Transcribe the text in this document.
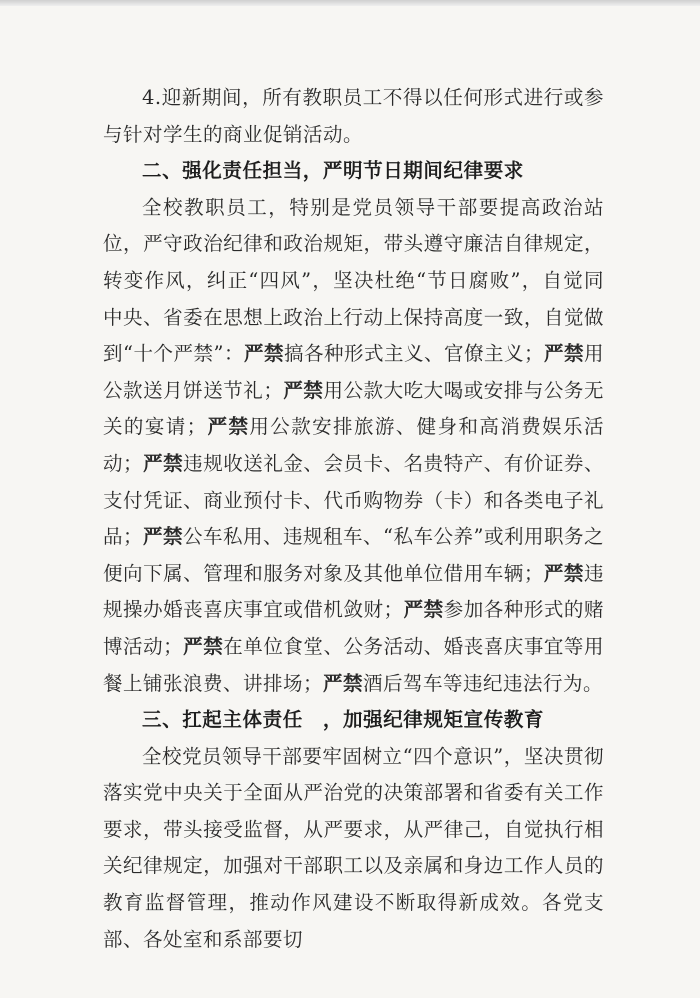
4.迎新期间，所有教职员工不得以任何形式进行或参与针对学生的商业促销活动。

二、强化责任担当，严明节日期间纪律要求

全校教职员工，特别是党员领导干部要提高政治站位，严守政治纪律和政治规矩，带头遵守廉洁自律规定，转变作风，纠正“四风”，坚决杜绝“节日腐败”，自觉同中央、省委在思想上政治上行动上保持高度一致，自觉做到“十个严禁”：严禁搞各种形式主义、官僚主义；严禁用公款送月饼送节礼；严禁用公款大吃大喝或安排与公务无关的宴请；严禁用公款安排旅游、健身和高消费娱乐活动；严禁违规收送礼金、会员卡、名贵特产、有价证券、支付凭证、商业预付卡、代币购物券（卡）和各类电子礼品；严禁公车私用、违规租车、“私车公养”或利用职务之便向下属、管理和服务对象及其他单位借用车辆；严禁违规操办婚丧喜庆事宜或借机敛财；严禁参加各种形式的赌博活动；严禁在单位食堂、公务活动、婚丧喜庆事宜等用餐上铺张浪费、讲排场；严禁酒后驾车等违纪违法行为。

三、扛起主体责任　，加强纪律规矩宣传教育

全校党员领导干部要牢固树立“四个意识”，坚决贯彻落实党中央关于全面从严治党的决策部署和省委有关工作要求，带头接受监督，从严要求，从严律己，自觉执行相关纪律规定，加强对干部职工以及亲属和身边工作人员的教育监督管理，推动作风建设不断取得新成效。各党支部、各处室和系部要切
